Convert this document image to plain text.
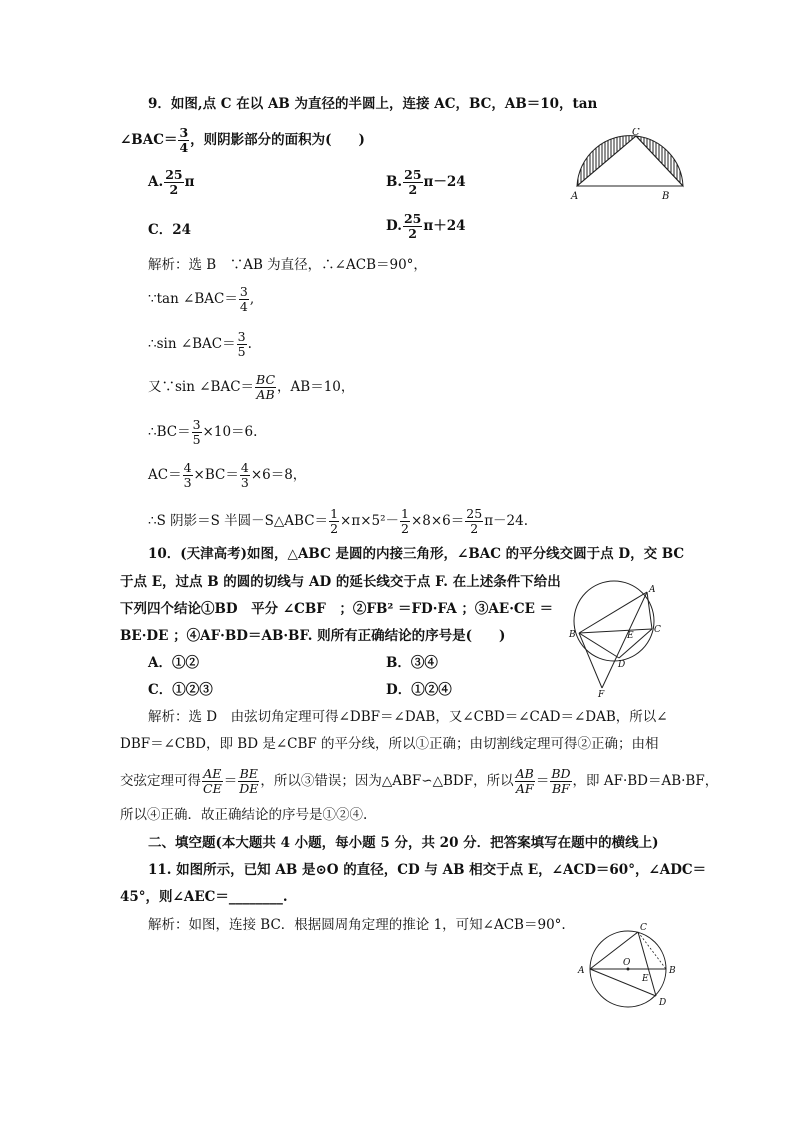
9．如图,点 C 在以 AB 为直径的半圆上，连接 AC，BC，AB＝10，tan
∠BAC＝ $\frac{3}{4}$ ，则阴影部分的面积为(　　)
A. $\frac{25}{2}$ π	B. $\frac{25}{2} \pi-24$
C．24	D. $\frac{25}{2} \pi+24$
解析：选 B　∵AB 为直径，∴∠ACB＝90°，
∵tan ∠BAC＝ $\frac{3}{4}$ ,
∴sin ∠BAC＝ $\frac{3}{5}$ .
又∵sin ∠BAC＝ $\frac{BC}{AB}$ ，AB＝10，
∴BC＝ $\frac{3}{5} \times 10=6$.
$AC= \frac{4}{3} \times BC= \frac{4}{3} \times 6=8$，
∴S 阴影＝S 半圆－S△ABC＝ $\frac{1}{2} \times\pi\times 5^2- \frac{1}{2} \times 8\times 6= \frac{25}{2} \pi-24$.
A	B
C
10．(天津高考)如图，△ABC 是圆的内接三角形，∠BAC 的平分线交圆于点 D，交 BC
于点 E，过点 B 的圆的切线与 AD 的延长线交于点 F. 在上述条件下给出
下列四个结论①BD　平分 ∠CBF　；②FB² ＝FD·FA ；③AE·CE ＝
BE·DE ；④AF·BD＝AB·BF. 则所有正确结论的序号是(　　)
A．①②	B．③④
C．①②③	D．①②④
解析：选 D　由弦切角定理可得∠DBF＝∠DAB，又∠CBD＝∠CAD＝∠DAB，所以∠
DBF＝∠CBD，即 BD 是∠CBF 的平分线，所以①正确；由切割线定理可得②正确；由相
交弦定理可得 $\frac{AE}{CE} = \frac{BE}{DE}$ ，所以③错误；因为△ABF∽△BDF，所以 $\frac{AB}{AF} = \frac{BD}{BF}$ ，即 AF·BD＝AB·BF，
所以④正确．故正确结论的序号是①②④.
A
B	C
D
E
F
二、填空题(本大题共 4 小题，每小题 5 分，共 20 分．把答案填写在题中的横线上)
11. 如图所示，已知 AB 是⊙O 的直径，CD 与 AB 相交于点 E，∠ACD＝60°，∠ADC＝
45°，则∠AEC＝________.
解析：如图，连接 BC．根据圆周角定理的推论 1，可知∠ACB＝90°.
A	B
C
D
E
O
